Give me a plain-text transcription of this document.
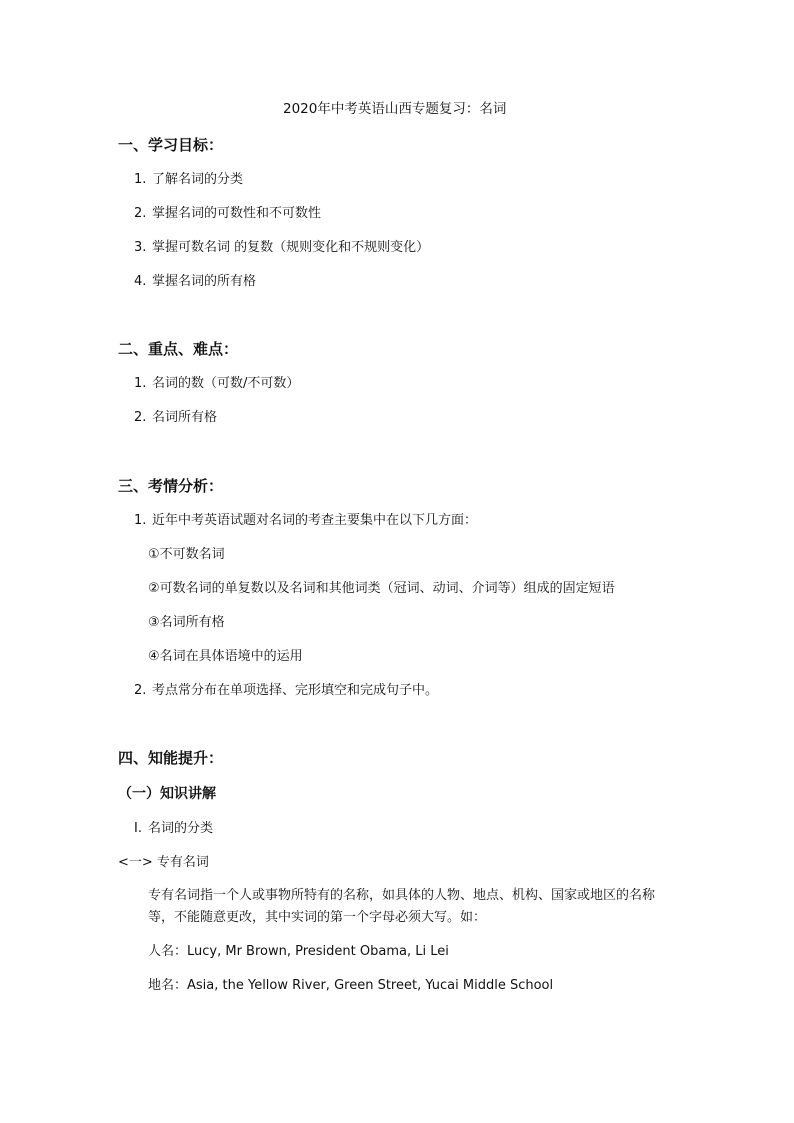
2020年中考英语山西专题复习：名词
一、学习目标：
1. 了解名词的分类
2. 掌握名词的可数性和不可数性
3. 掌握可数名词 的复数（规则变化和不规则变化）
4. 掌握名词的所有格
二、重点、难点：
1. 名词的数（可数/不可数）
2. 名词所有格
三、考情分析：
1. 近年中考英语试题对名词的考查主要集中在以下几方面：
①不可数名词
②可数名词的单复数以及名词和其他词类（冠词、动词、介词等）组成的固定短语
③名词所有格
④名词在具体语境中的运用
2. 考点常分布在单项选择、完形填空和完成句子中。
四、知能提升：
（一）知识讲解
I. 名词的分类
<一> 专有名词
专有名词指一个人或事物所特有的名称，如具体的人物、地点、机构、国家或地区的名称等，不能随意更改，其中实词的第一个字母必须大写。如：
人名：Lucy, Mr Brown, President Obama, Li Lei
地名：Asia, the Yellow River, Green Street, Yucai Middle School
